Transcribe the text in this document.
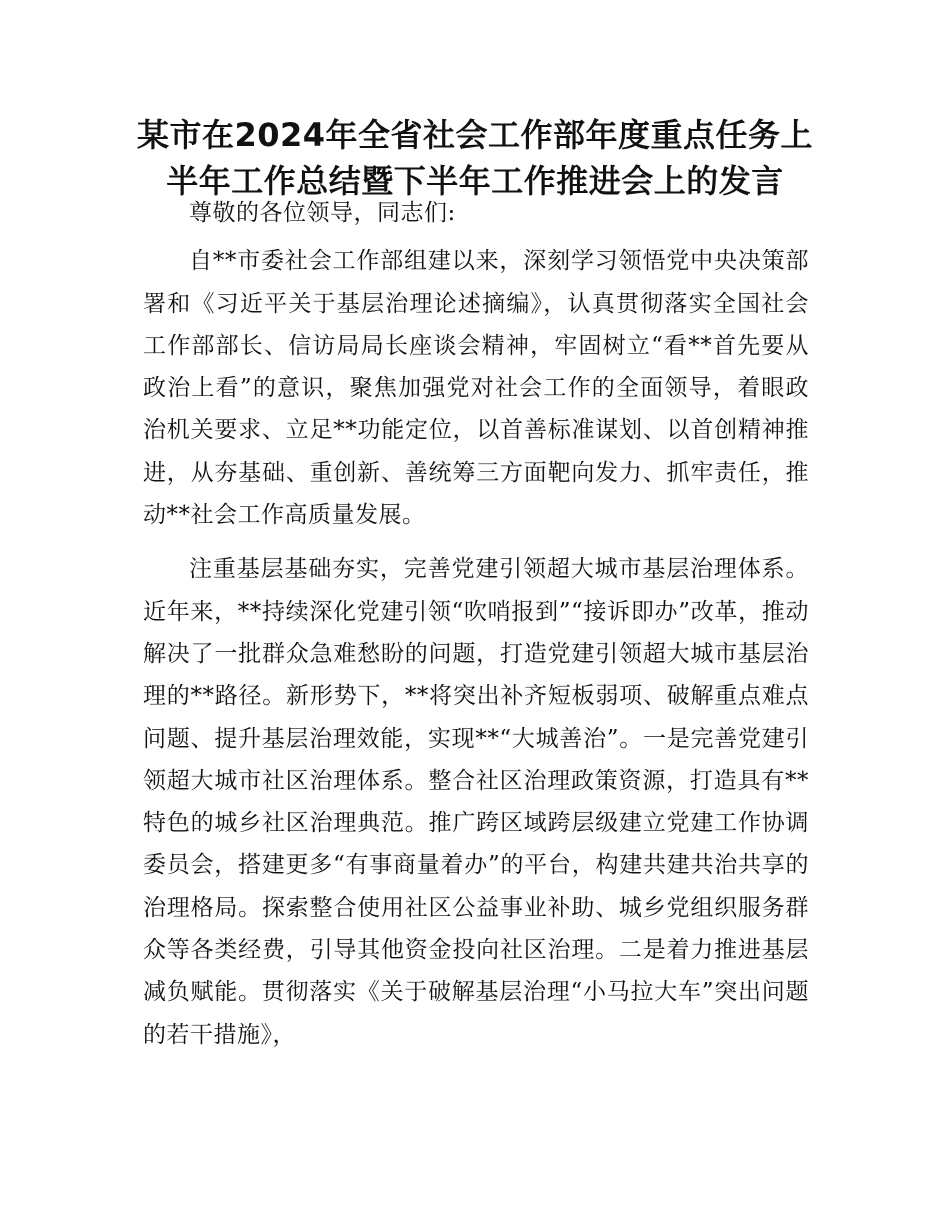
某市在2024年全省社会工作部年度重点任务上
半年工作总结暨下半年工作推进会上的发言

尊敬的各位领导，同志们:

自**市委社会工作部组建以来，深刻学习领悟党中央决策部署和《习近平关于基层治理论述摘编》，认真贯彻落实全国社会工作部部长、信访局局长座谈会精神，牢固树立“看**首先要从政治上看”的意识，聚焦加强党对社会工作的全面领导，着眼政治机关要求、立足**功能定位，以首善标准谋划、以首创精神推进，从夯基础、重创新、善统筹三方面靶向发力、抓牢责任，推动**社会工作高质量发展。

注重基层基础夯实，完善党建引领超大城市基层治理体系。近年来，**持续深化党建引领“吹哨报到”“接诉即办”改革，推动解决了一批群众急难愁盼的问题，打造党建引领超大城市基层治理的**路径。新形势下，**将突出补齐短板弱项、破解重点难点问题、提升基层治理效能，实现**“大城善治”。一是完善党建引领超大城市社区治理体系。整合社区治理政策资源，打造具有**特色的城乡社区治理典范。推广跨区域跨层级建立党建工作协调委员会，搭建更多“有事商量着办”的平台，构建共建共治共享的治理格局。探索整合使用社区公益事业补助、城乡党组织服务群众等各类经费，引导其他资金投向社区治理。二是着力推进基层减负赋能。贯彻落实《关于破解基层治理“小马拉大车”突出问题的若干措施》，
